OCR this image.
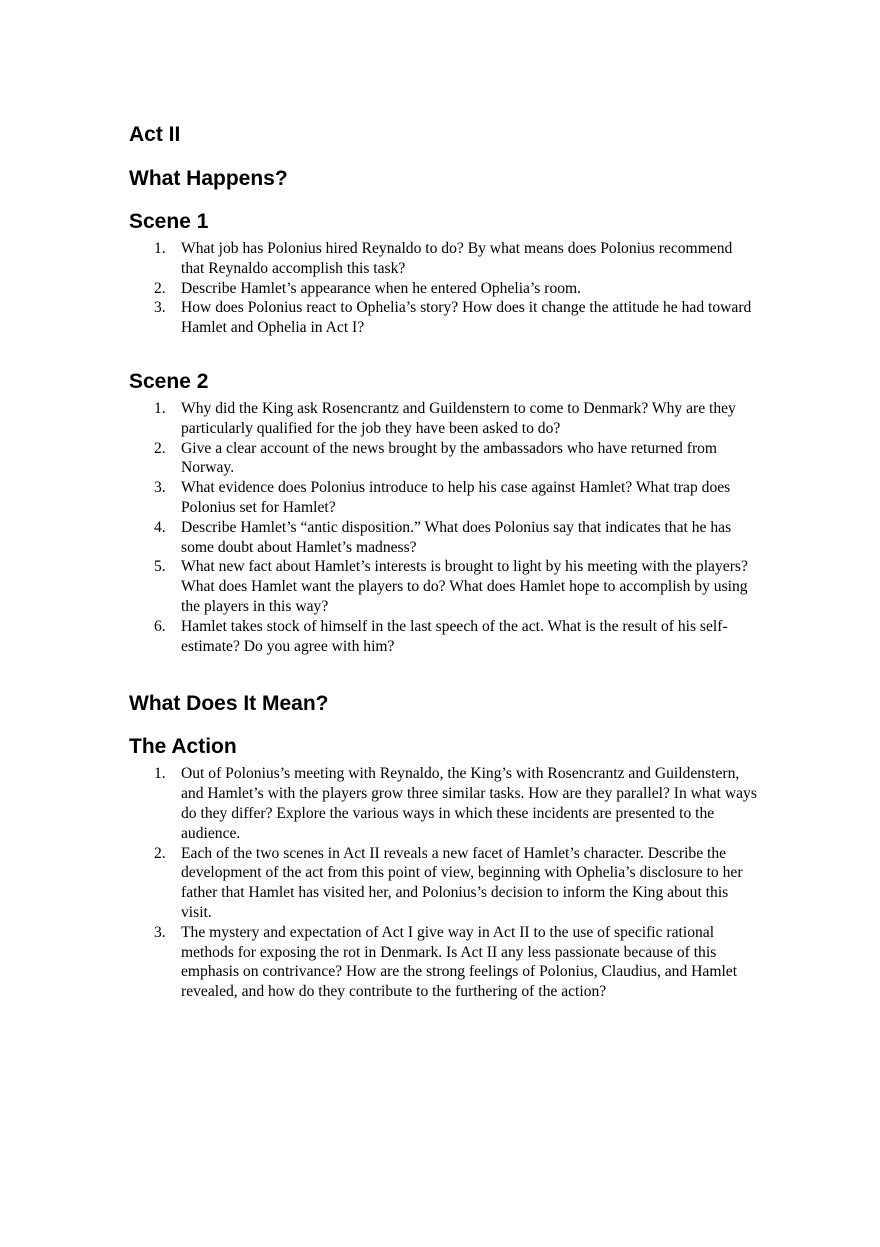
Act II
What Happens?
Scene 1
1. What job has Polonius hired Reynaldo to do? By what means does Polonius recommend that Reynaldo accomplish this task?
2. Describe Hamlet’s appearance when he entered Ophelia’s room.
3. How does Polonius react to Ophelia’s story? How does it change the attitude he had toward Hamlet and Ophelia in Act I?
Scene 2
1. Why did the King ask Rosencrantz and Guildenstern to come to Denmark? Why are they particularly qualified for the job they have been asked to do?
2. Give a clear account of the news brought by the ambassadors who have returned from Norway.
3. What evidence does Polonius introduce to help his case against Hamlet? What trap does Polonius set for Hamlet?
4. Describe Hamlet’s “antic disposition.” What does Polonius say that indicates that he has some doubt about Hamlet’s madness?
5. What new fact about Hamlet’s interests is brought to light by his meeting with the players? What does Hamlet want the players to do? What does Hamlet hope to accomplish by using the players in this way?
6. Hamlet takes stock of himself in the last speech of the act. What is the result of his self-estimate? Do you agree with him?
What Does It Mean?
The Action
1. Out of Polonius’s meeting with Reynaldo, the King’s with Rosencrantz and Guildenstern, and Hamlet’s with the players grow three similar tasks. How are they parallel? In what ways do they differ? Explore the various ways in which these incidents are presented to the audience.
2. Each of the two scenes in Act II reveals a new facet of Hamlet’s character. Describe the development of the act from this point of view, beginning with Ophelia’s disclosure to her father that Hamlet has visited her, and Polonius’s decision to inform the King about this visit.
3. The mystery and expectation of Act I give way in Act II to the use of specific rational methods for exposing the rot in Denmark. Is Act II any less passionate because of this emphasis on contrivance? How are the strong feelings of Polonius, Claudius, and Hamlet revealed, and how do they contribute to the furthering of the action?
